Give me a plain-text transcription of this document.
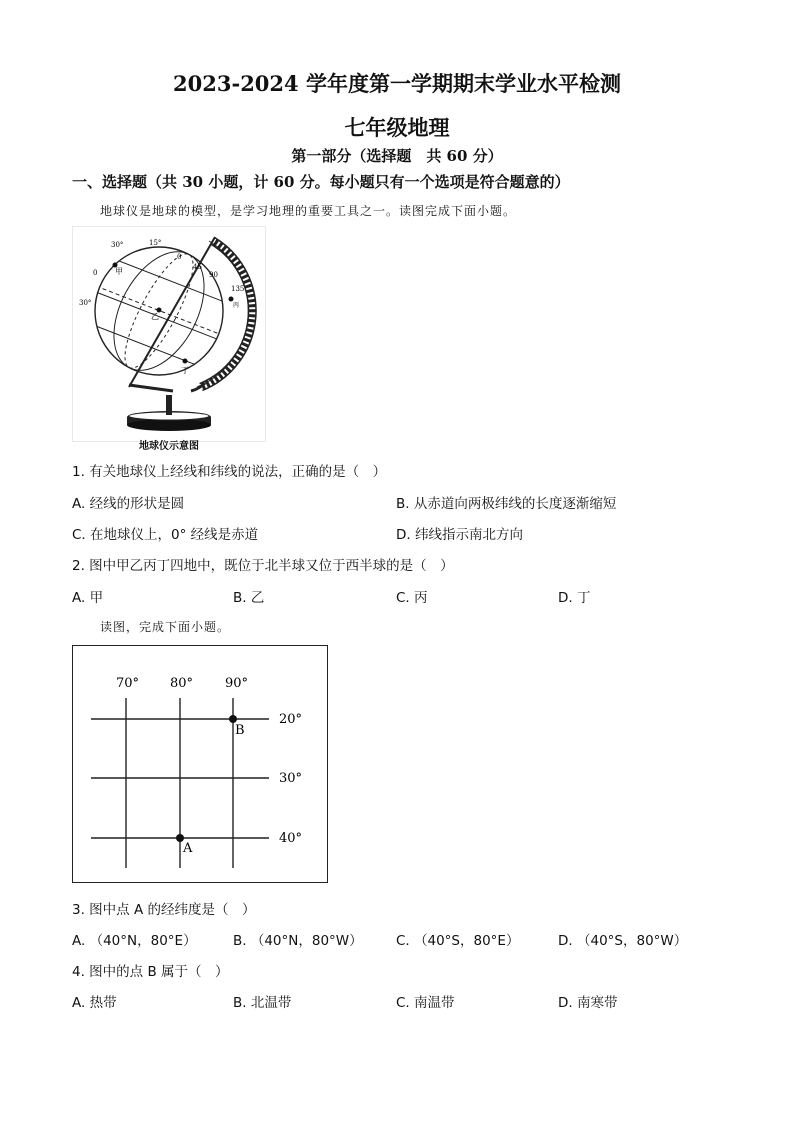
2023-2024 学年度第一学期期末学业水平检测
七年级地理
第一部分（选择题　共 60 分）
一、选择题（共 30 小题，计 60 分。每小题只有一个选项是符合题意的）
地球仪是地球的模型，是学习地理的重要工具之一。读图完成下面小题。
30°	15°
0
45
90
135
0
30°
甲
乙
丙
丁
地球仪示意图
1. 有关地球仪上经线和纬线的说法，正确的是（　）
A. 经线的形状是圆	B. 从赤道向两极纬线的长度逐渐缩短
C. 在地球仪上，0° 经线是赤道	D. 纬线指示南北方向
2. 图中甲乙丙丁四地中，既位于北半球又位于西半球的是（　）
A. 甲	B. 乙	C. 丙	D. 丁
读图，完成下面小题。
70° 80° 90°
20°
30°
40°
B
A
3. 图中点 A 的经纬度是（　）
A. （40°N，80°E）	B. （40°N，80°W） C. （40°S，80°E）	D. （40°S，80°W）
4. 图中的点 B 属于（　）
A. 热带	B. 北温带	C. 南温带	D. 南寒带
